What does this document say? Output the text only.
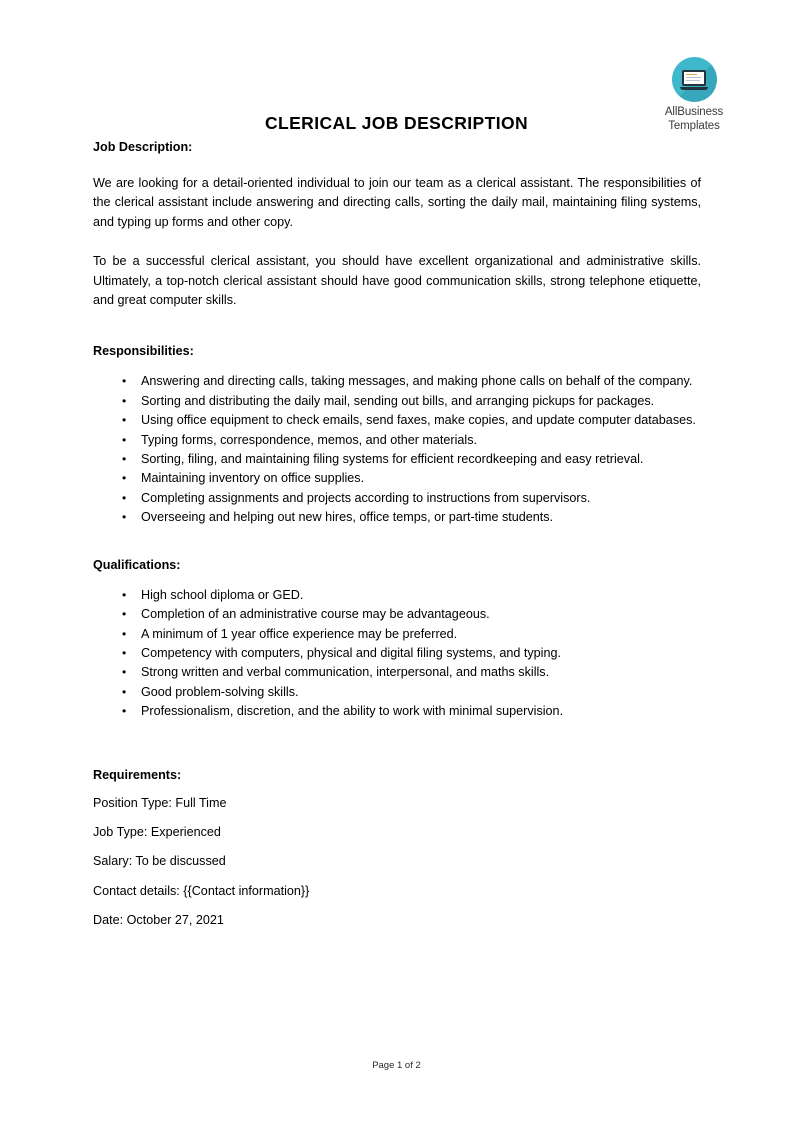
AllBusiness
Templates
CLERICAL JOB DESCRIPTION
Job Description:

We are looking for a detail-oriented individual to join our team as a clerical assistant. The responsibilities of the clerical assistant include answering and directing calls, sorting the daily mail, maintaining filing systems, and typing up forms and other copy.

To be a successful clerical assistant, you should have excellent organizational and administrative skills. Ultimately, a top-notch clerical assistant should have good communication skills, strong telephone etiquette, and great computer skills.

Responsibilities:
• Answering and directing calls, taking messages, and making phone calls on behalf of the company.
• Sorting and distributing the daily mail, sending out bills, and arranging pickups for packages.
• Using office equipment to check emails, send faxes, make copies, and update computer databases.
• Typing forms, correspondence, memos, and other materials.
• Sorting, filing, and maintaining filing systems for efficient recordkeeping and easy retrieval.
• Maintaining inventory on office supplies.
• Completing assignments and projects according to instructions from supervisors.
• Overseeing and helping out new hires, office temps, or part-time students.
Qualifications:
• High school diploma or GED.
• Completion of an administrative course may be advantageous.
• A minimum of 1 year office experience may be preferred.
• Competency with computers, physical and digital filing systems, and typing.
• Strong written and verbal communication, interpersonal, and maths skills.
• Good problem-solving skills.
• Professionalism, discretion, and the ability to work with minimal supervision.
Requirements:

Position Type: Full Time

Job Type: Experienced

Salary: To be discussed

Contact details: {{Contact information}}

Date: October 27, 2021

Page 1 of 2
